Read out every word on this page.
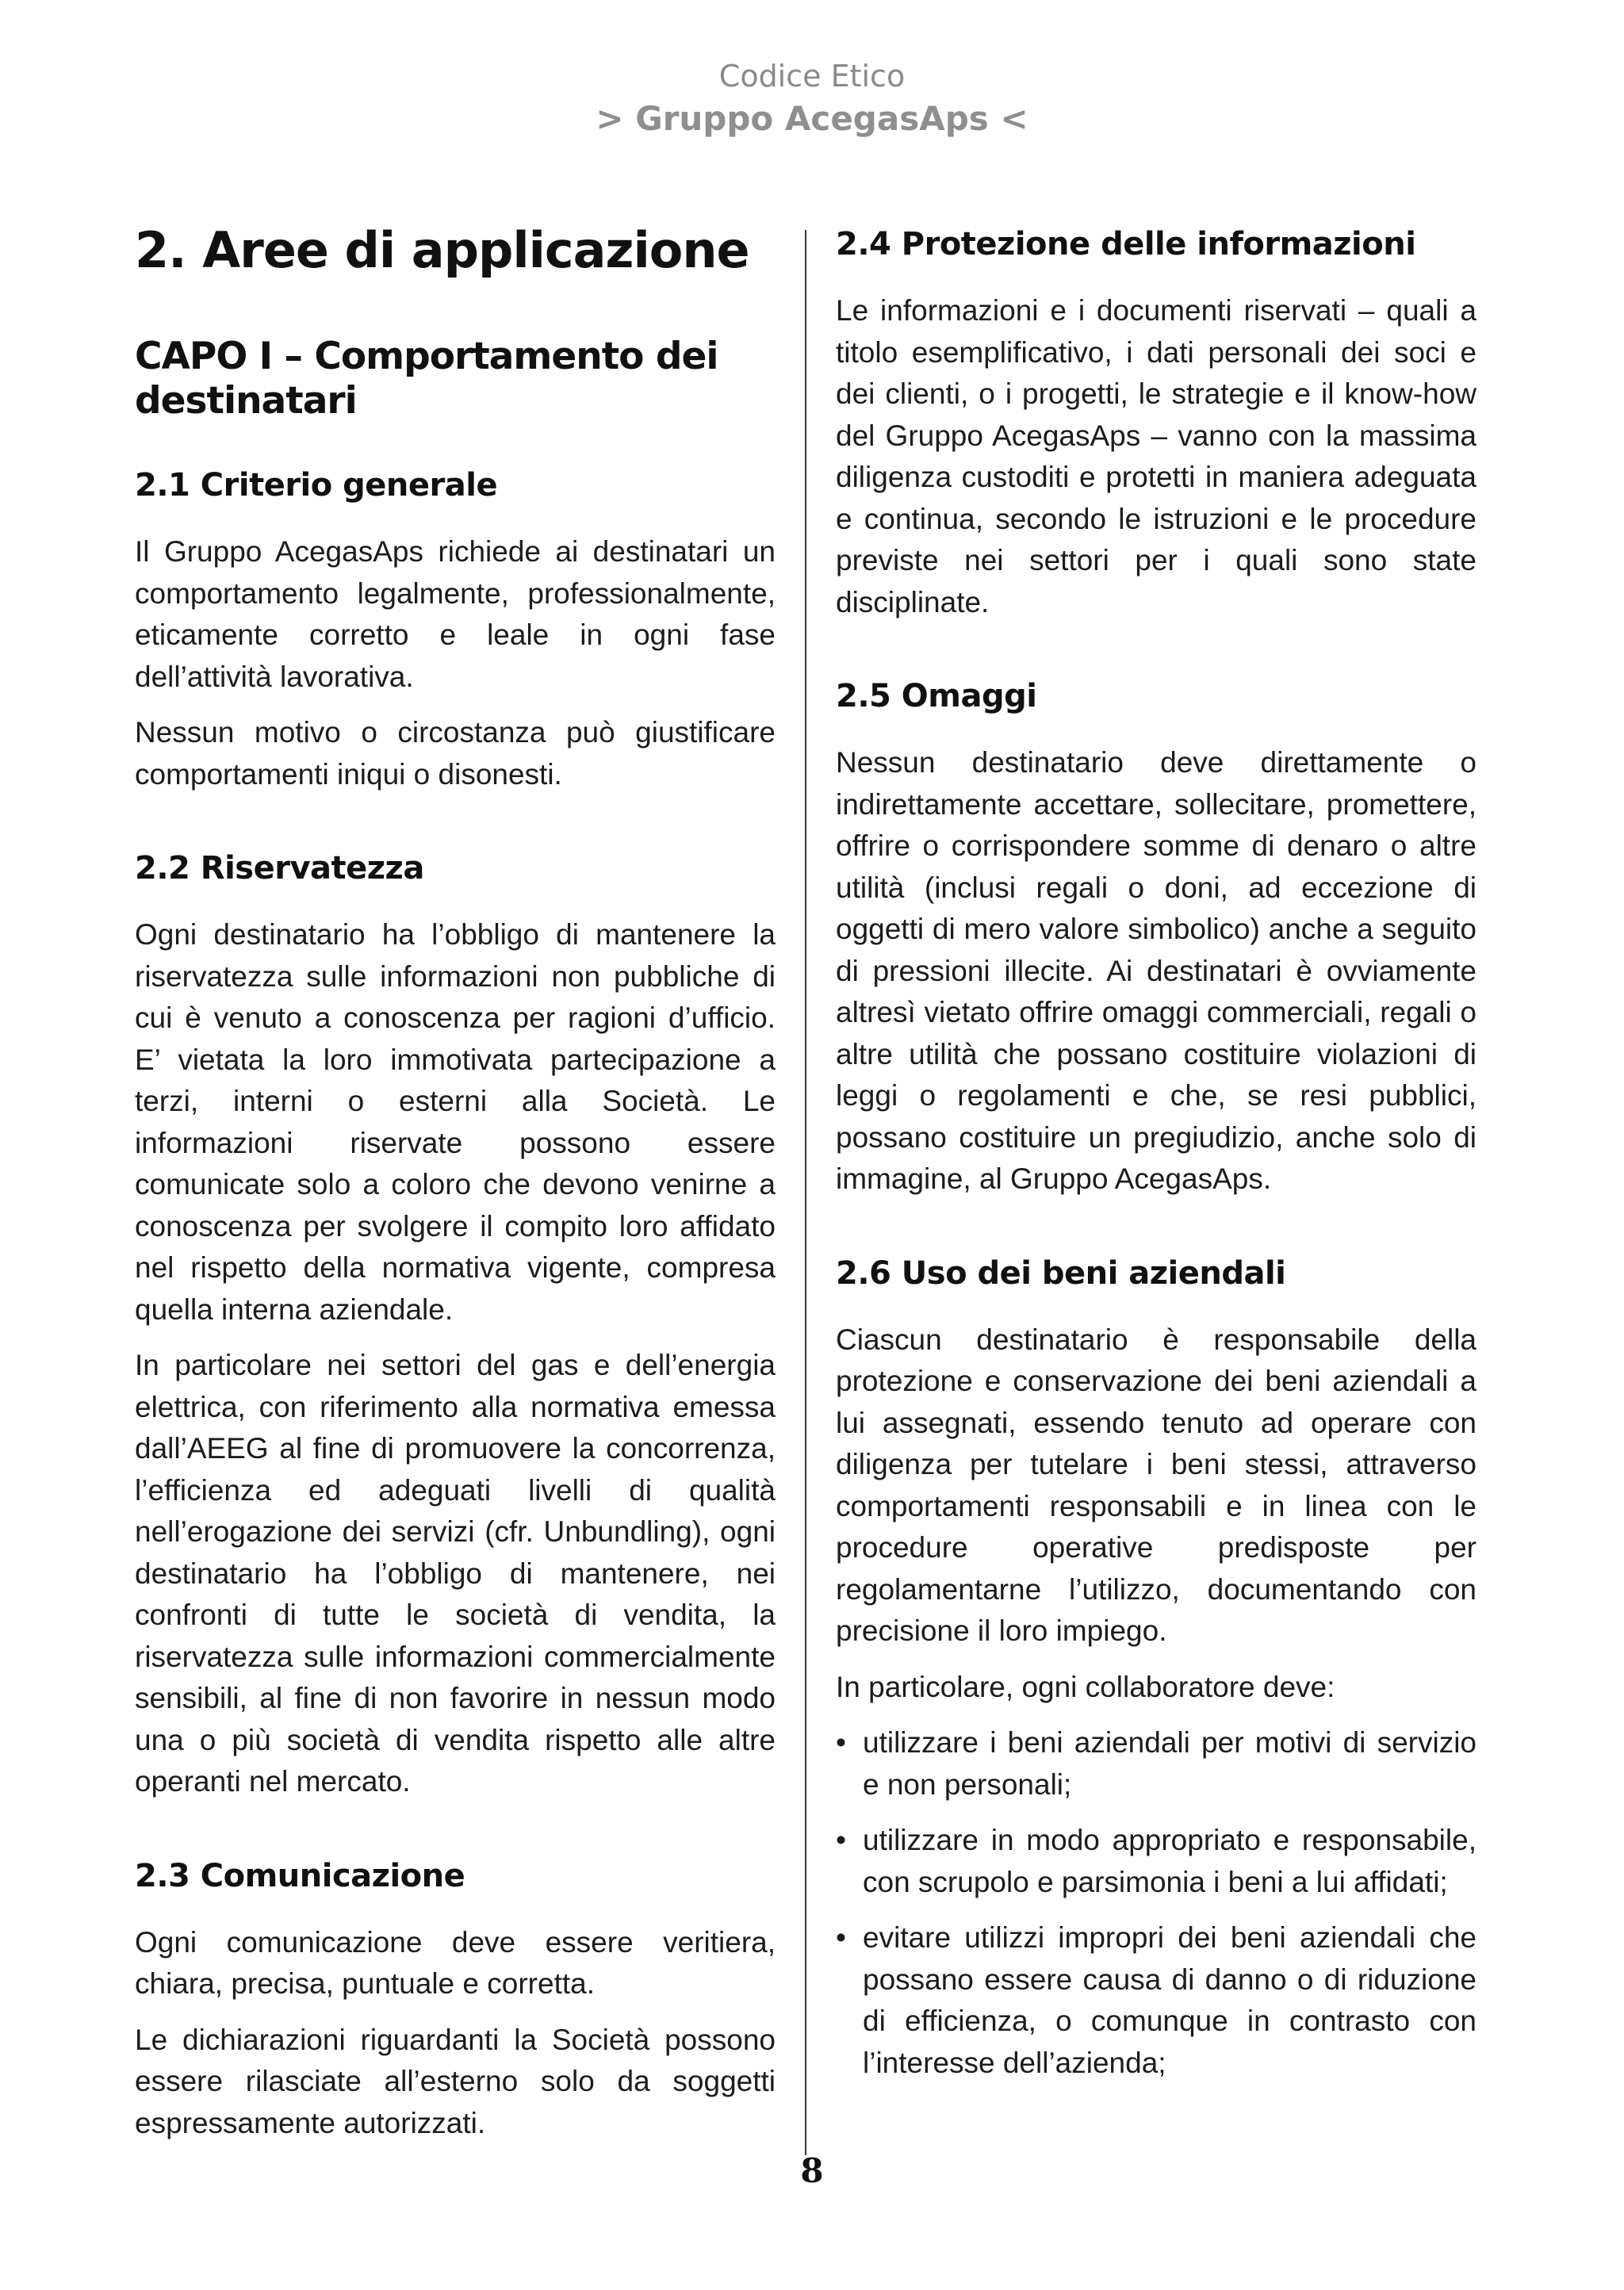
Codice Etico
> Gruppo AcegasAps <
2. Aree di applicazione
CAPO I – Comportamento dei destinatari
2.1 Criterio generale

Il Gruppo AcegasAps richiede ai destinatari un comportamento legalmente, professionalmente, eticamente corretto e leale in ogni fase dell’attività lavorativa.

Nessun motivo o circostanza può giustificare comportamenti iniqui o disonesti.

2.2 Riservatezza

Ogni destinatario ha l’obbligo di mantenere la riservatezza sulle informazioni non pubbliche di cui è venuto a conoscenza per ragioni d’ufficio. E’ vietata la loro immotivata partecipazione a terzi, interni o esterni alla Società. Le informazioni riservate possono essere comunicate solo a coloro che devono venirne a conoscenza per svolgere il compito loro affidato nel rispetto della normativa vigente, compresa quella interna aziendale.

In particolare nei settori del gas e dell’energia elettrica, con riferimento alla normativa emessa dall’AEEG al fine di promuovere la concorrenza, l’efficienza ed adeguati livelli di qualità nell’erogazione dei servizi (cfr. Unbundling), ogni destinatario ha l’obbligo di mantenere, nei confronti di tutte le società di vendita, la riservatezza sulle informazioni commercialmente sensibili, al fine di non favorire in nessun modo una o più società di vendita rispetto alle altre operanti nel mercato.

2.3 Comunicazione

Ogni comunicazione deve essere veritiera, chiara, precisa, puntuale e corretta.

Le dichiarazioni riguardanti la Società possono essere rilasciate all’esterno solo da soggetti espressamente autorizzati.

2.4 Protezione delle informazioni

Le informazioni e i documenti riservati – quali a titolo esemplificativo, i dati personali dei soci e dei clienti, o i progetti, le strategie e il know-how del Gruppo AcegasAps – vanno con la massima diligenza custoditi e protetti in maniera adeguata e continua, secondo le istruzioni e le procedure previste nei settori per i quali sono state disciplinate.

2.5 Omaggi

Nessun destinatario deve direttamente o indirettamente accettare, sollecitare, promettere, offrire o corrispondere somme di denaro o altre utilità (inclusi regali o doni, ad eccezione di oggetti di mero valore simbolico) anche a seguito di pressioni illecite. Ai destinatari è ovviamente altresì vietato offrire omaggi commerciali, regali o altre utilità che possano costituire violazioni di leggi o regolamenti e che, se resi pubblici, possano costituire un pregiudizio, anche solo di immagine, al Gruppo AcegasAps.

2.6 Uso dei beni aziendali

Ciascun destinatario è responsabile della protezione e conservazione dei beni aziendali a lui assegnati, essendo tenuto ad operare con diligenza per tutelare i beni stessi, attraverso comportamenti responsabili e in linea con le procedure operative predisposte per regolamentarne l’utilizzo, documentando con precisione il loro impiego.

In particolare, ogni collaboratore deve:

• utilizzare i beni aziendali per motivi di servizio e non personali;
• utilizzare in modo appropriato e responsabile, con scrupolo e parsimonia i beni a lui affidati;
• evitare utilizzi impropri dei beni aziendali che possano essere causa di danno o di riduzione di efficienza, o comunque in contrasto con l’interesse dell’azienda;
8
